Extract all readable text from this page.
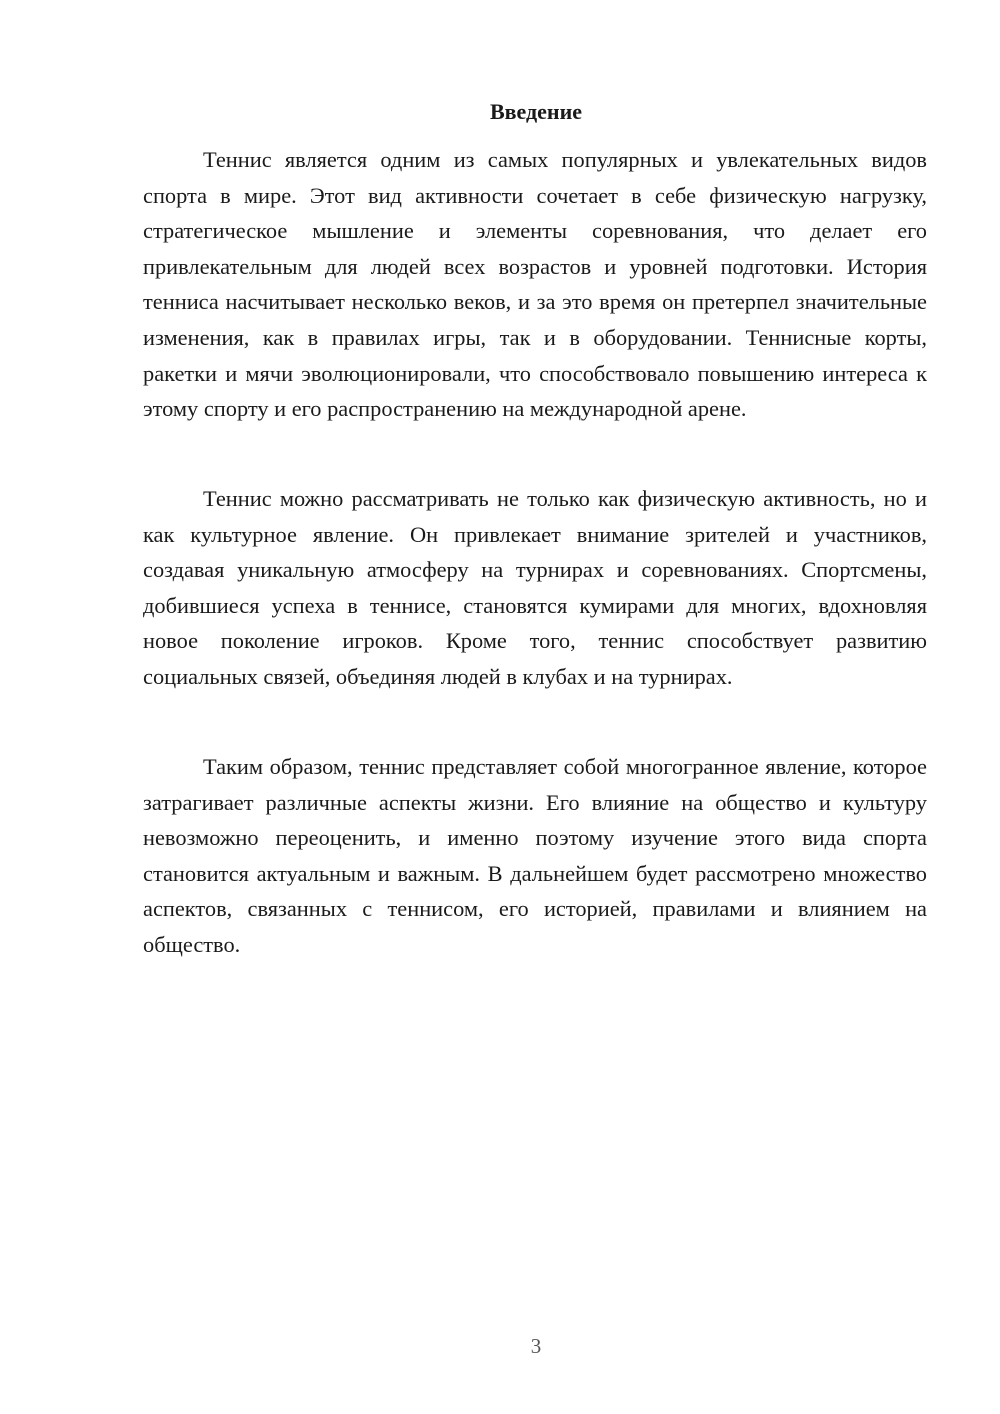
Введение

Теннис является одним из самых популярных и увлекательных видов спорта в мире. Этот вид активности сочетает в себе физическую нагрузку, стратегическое мышление и элементы соревнования, что делает его привлекательным для людей всех возрастов и уровней подготовки. История тенниса насчитывает несколько веков, и за это время он претерпел значительные изменения, как в правилах игры, так и в оборудовании. Теннисные корты, ракетки и мячи эволюционировали, что способствовало повышению интереса к этому спорту и его распространению на международной арене.

Теннис можно рассматривать не только как физическую активность, но и как культурное явление. Он привлекает внимание зрителей и участников, создавая уникальную атмосферу на турнирах и соревнованиях. Спортсмены, добившиеся успеха в теннисе, становятся кумирами для многих, вдохновляя новое поколение игроков. Кроме того, теннис способствует развитию социальных связей, объединяя людей в клубах и на турнирах.

Таким образом, теннис представляет собой многогранное явление, которое затрагивает различные аспекты жизни. Его влияние на общество и культуру невозможно переоценить, и именно поэтому изучение этого вида спорта становится актуальным и важным. В дальнейшем будет рассмотрено множество аспектов, связанных с теннисом, его историей, правилами и влиянием на общество.

3
